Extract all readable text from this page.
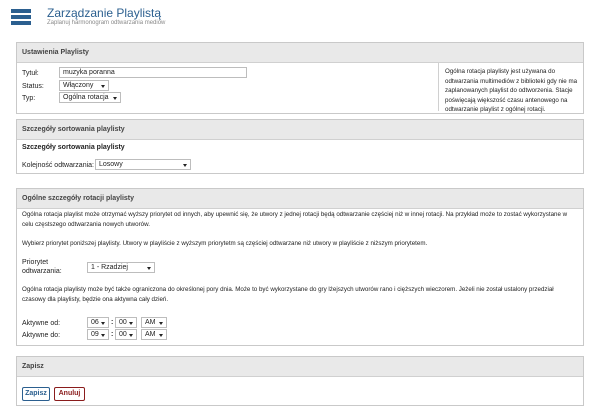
Zarządzanie Playlistą
Zaplanuj harmonogram odtwarzania mediów
Ustawienia Playlisty
Tytuł:	muzyka poranna
Status:	Włączony
Typ:	Ogólna rotacja
Ogólna rotacja playlisty jest używana do odtwarzania multimediów z biblioteki gdy nie ma zaplanowanych playlist do odtworzenia. Stacje poświęcają większość czasu antenowego na odtwarzanie playlist z ogólnej rotacji.
Szczegóły sortowania playlisty
Szczegóły sortowania playlisty
Kolejność odtwarzania: Losowy
Ogólne szczegóły rotacji playlisty
Ogólna rotacja playlist może otrzymać wyższy priorytet od innych, aby upewnić się, że utwory z jednej rotacji będą odtwarzanie częściej niż w innej rotacji. Na przykład może to zostać wykorzystane w celu częstszego odtwarzania nowych utworów.
Wybierz priorytet poniższej playlisty. Utwory w playliście z wyższym priorytetm są częściej odtwarzane niż utwory w playliście z niższym priorytetem.
Priorytet
odtwarzania:
1 - Rzadziej
Ogólna rotacja playlisty może być także ograniczona do określonej pory dnia. Może to być wykorzystane do gry lżejszych utworów rano i cięższych wieczorem. Jeżeli nie został ustalony przedział czasowy dla playlisty, będzie ona aktywna cały dzień.
Aktywne od:	06	: 00	AM
Aktywne do:	09	: 00	AM
Zapisz
Zapisz	Anuluj
